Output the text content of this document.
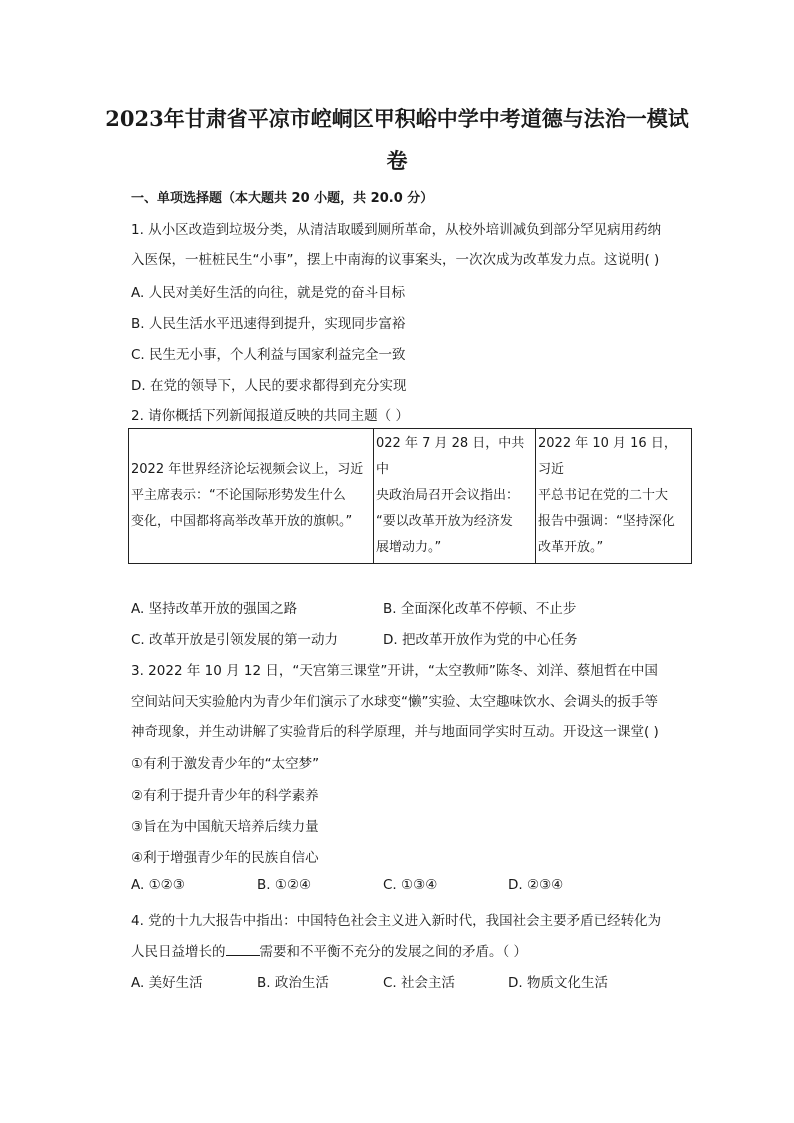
2023年甘肃省平凉市崆峒区甲积峪中学中考道德与法治一模试
卷
一、单项选择题（本大题共 20 小题，共 20.0 分）
1. 从小区改造到垃圾分类，从清洁取暖到厕所革命，从校外培训减负到部分罕见病用药纳
入医保，一桩桩民生“小事”，摆上中南海的议事案头，一次次成为改革发力点。这说明( )
A. 人民对美好生活的向往，就是党的奋斗目标
B. 人民生活水平迅速得到提升，实现同步富裕
C. 民生无小事，个人利益与国家利益完全一致
D. 在党的领导下，人民的要求都得到充分实现
2. 请你概括下列新闻报道反映的共同主题（ ）
2022 年世界经济论坛视频会议上，习近
平主席表示：“不论国际形势发生什么
变化，中国都将高举改革开放的旗帜。”

022 年 7 月 28 日，中共中
央政治局召开会议指出：
“要以改革开放为经济发
展增动力。”

2022 年 10 月 16 日，习近
平总书记在党的二十大
报告中强调：“坚持深化
改革开放。”
A. 坚持改革开放的强国之路	B. 全面深化改革不停顿、不止步
C. 改革开放是引领发展的第一动力	D. 把改革开放作为党的中心任务
3. 2022 年 10 月 12 日，“天宫第三课堂”开讲，“太空教师”陈冬、刘洋、蔡旭哲在中国
空间站问天实验舱内为青少年们演示了水球变“懒”实验、太空趣味饮水、会调头的扳手等
神奇现象，并生动讲解了实验背后的科学原理，并与地面同学实时互动。开设这一课堂( )
①有利于激发青少年的“太空梦”
②有利于提升青少年的科学素养
③旨在为中国航天培养后续力量
④利于增强青少年的民族自信心
A. ①②③	B. ①②④	C. ①③④	D. ②③④
4. 党的十九大报告中指出：中国特色社会主义进入新时代，我国社会主要矛盾已经转化为
人民日益增长的	需要和不平衡不充分的发展之间的矛盾。（ ）
A. 美好生活	B. 政治生活	C. 社会主活	D. 物质文化生活
